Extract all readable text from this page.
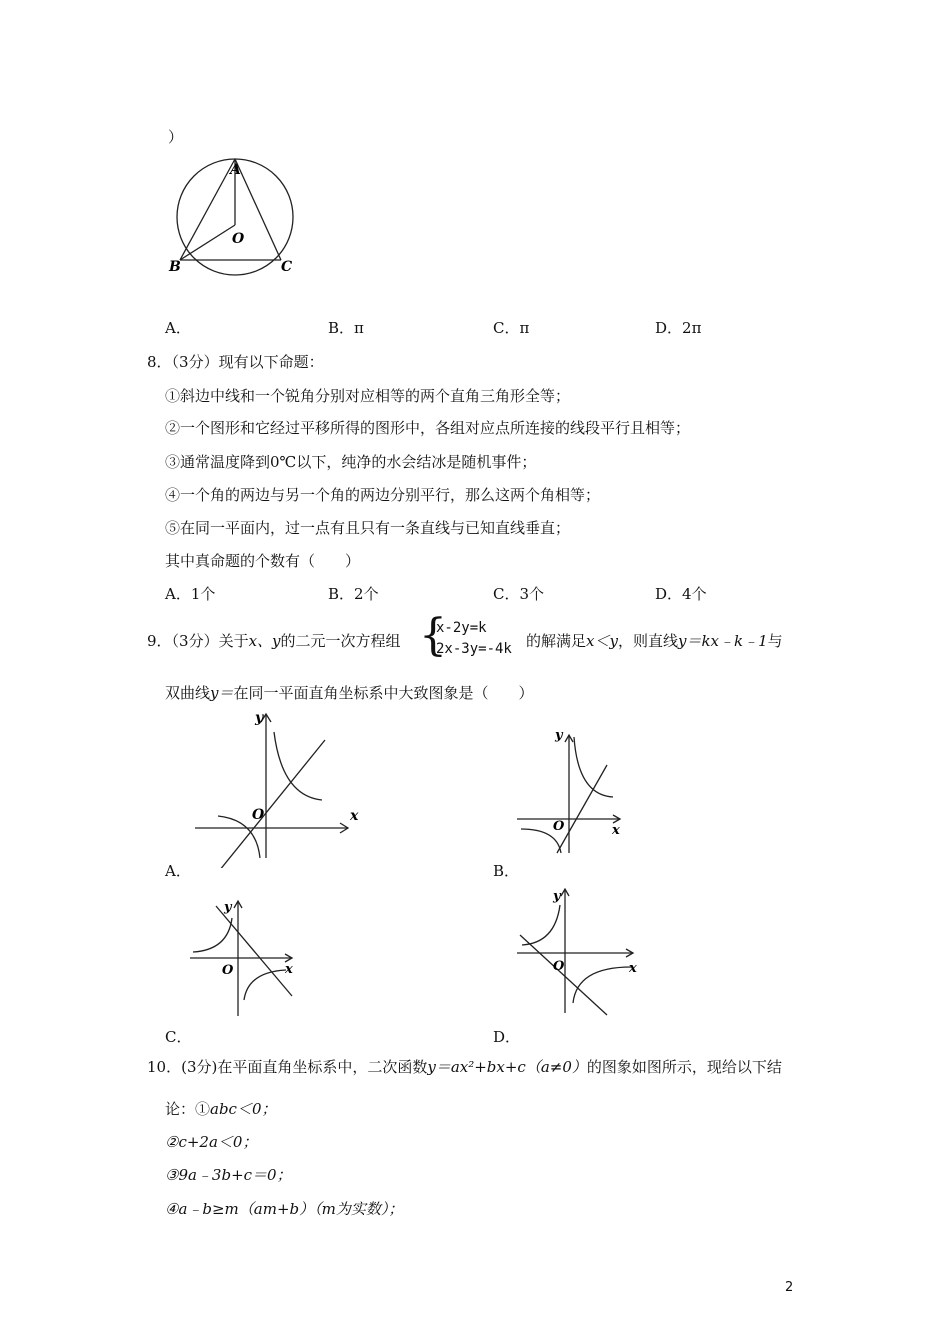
）
A
O
B	C
A．	B．π	C．π	D．2π
8．（3分）现有以下命题：
①斜边中线和一个锐角分别对应相等的两个直角三角形全等；
②一个图形和它经过平移所得的图形中，各组对应点所连接的线段平行且相等；
③通常温度降到0℃以下，纯净的水会结冰是随机事件；
④一个角的两边与另一个角的两边分别平行，那么这两个角相等；
⑤在同一平面内，过一点有且只有一条直线与已知直线垂直；
其中真命题的个数有（　　）
A．1个	B．2个	C．3个	D．4个
9．（3分）关于x、y的二元一次方程组 {
x-2y=k
2x-3y=-4k 的解满足x＜y，则直线y＝kx﹣k﹣1与
双曲线y＝在同一平面直角坐标系中大致图象是（　　）
y
x
O
A．
y
x
O
B．
y
x
O
C．
y
x
O
D．
10．(3分)在平面直角坐标系中，二次函数y＝ax²+bx+c（a≠0）的图象如图所示，现给以下结
论：①abc＜0；
②c+2a＜0；
③9a﹣3b+c＝0；
④a﹣b≥m（am+b）（m为实数）；
2
